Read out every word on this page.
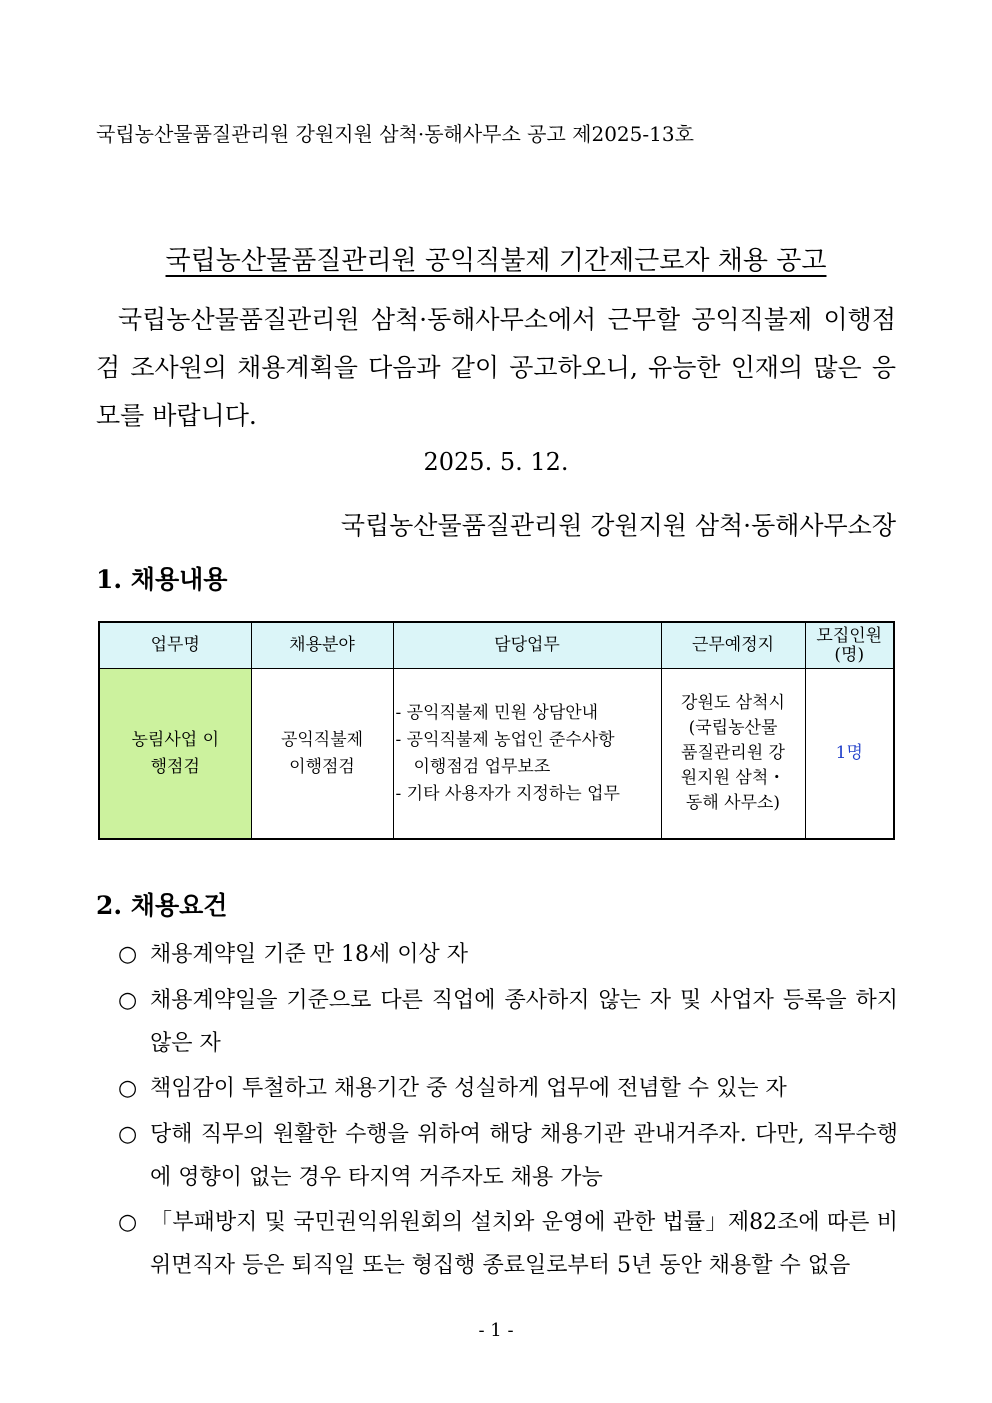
국립농산물품질관리원 강원지원 삼척·동해사무소 공고 제2025-13호
국립농산물품질관리원 공익직불제 기간제근로자 채용 공고
국립농산물품질관리원 삼척·동해사무소에서 근무할 공익직불제 이행점검 조사원의 채용계획을 다음과 같이 공고하오니, 유능한 인재의 많은 응모를 바랍니다.
2025. 5. 12.
국립농산물품질관리원 강원지원 삼척·동해사무소장
1. 채용내용
업무명	채용분야	담당업무	근무예정지	모집인원(명)

농림사업 이행점검	공익직불제 이행점검	- 공익직불제 민원 상담안내
- 공익직불제 농업인 준수사항
이행점검 업무보조
- 기타 사용자가 지정하는 업무	강원도 삼척시 (국립농산물 품질관리원 강원지원 삼척・동해 사무소)	1명
2. 채용요건
○ 채용계약일 기준 만 18세 이상 자
○ 채용계약일을 기준으로 다른 직업에 종사하지 않는 자 및 사업자 등록을 하지 않은 자
○ 책임감이 투철하고 채용기간 중 성실하게 업무에 전념할 수 있는 자
○ 당해 직무의 원활한 수행을 위하여 해당 채용기관 관내거주자. 다만, 직무수행에 영향이 없는 경우 타지역 거주자도 채용 가능
○ 「부패방지 및 국민권익위원회의 설치와 운영에 관한 법률」제82조에 따른 비위면직자 등은 퇴직일 또는 형집행 종료일로부터 5년 동안 채용할 수 없음
- 1 -
